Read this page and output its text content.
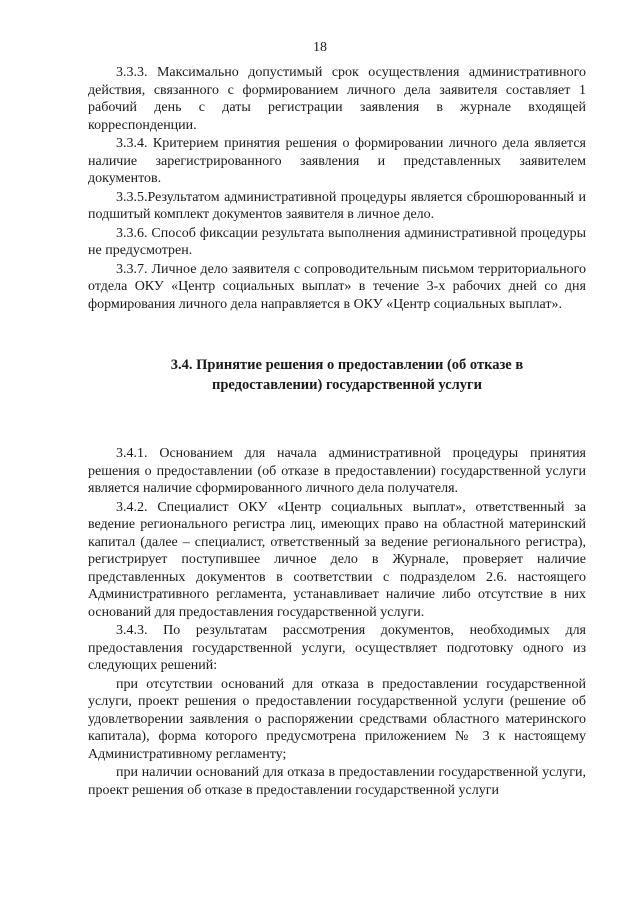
18

3.3.3. Максимально допустимый срок осуществления административного действия, связанного с формированием личного дела заявителя составляет 1 рабочий день с даты регистрации заявления в журнале входящей корреспонденции.

3.3.4. Критерием принятия решения о формировании личного дела является наличие зарегистрированного заявления и представленных заявителем документов.

3.3.5.Результатом административной процедуры является сброшюрованный и подшитый комплект документов заявителя в личное дело.

3.3.6. Способ фиксации результата выполнения административной процедуры не предусмотрен.

3.3.7. Личное дело заявителя с сопроводительным письмом территориального отдела ОКУ «Центр социальных выплат» в течение 3-х рабочих дней со дня формирования личного дела направляется в ОКУ «Центр социальных выплат».

3.4. Принятие решения о предоставлении (об отказе в
предоставлении) государственной услуги

3.4.1. Основанием для начала административной процедуры принятия решения о предоставлении (об отказе в предоставлении) государственной услуги является наличие сформированного личного дела получателя.

3.4.2. Специалист ОКУ «Центр социальных выплат», ответственный за ведение регионального регистра лиц, имеющих право на областной материнский капитал (далее – специалист, ответственный за ведение регионального регистра), регистрирует поступившее личное дело в Журнале, проверяет наличие представленных документов в соответствии с подразделом 2.6. настоящего Административного регламента, устанавливает наличие либо отсутствие в них оснований для предоставления государственной услуги.

3.4.3. По результатам рассмотрения документов, необходимых для предоставления государственной услуги, осуществляет подготовку одного из следующих решений:

при отсутствии оснований для отказа в предоставлении государственной услуги, проект решения о предоставлении государственной услуги (решение об удовлетворении заявления о распоряжении средствами областного материнского капитала), форма которого предусмотрена приложением № 3 к настоящему Административному регламенту;

при наличии оснований для отказа в предоставлении государственной услуги, проект решения об отказе в предоставлении государственной услуги
